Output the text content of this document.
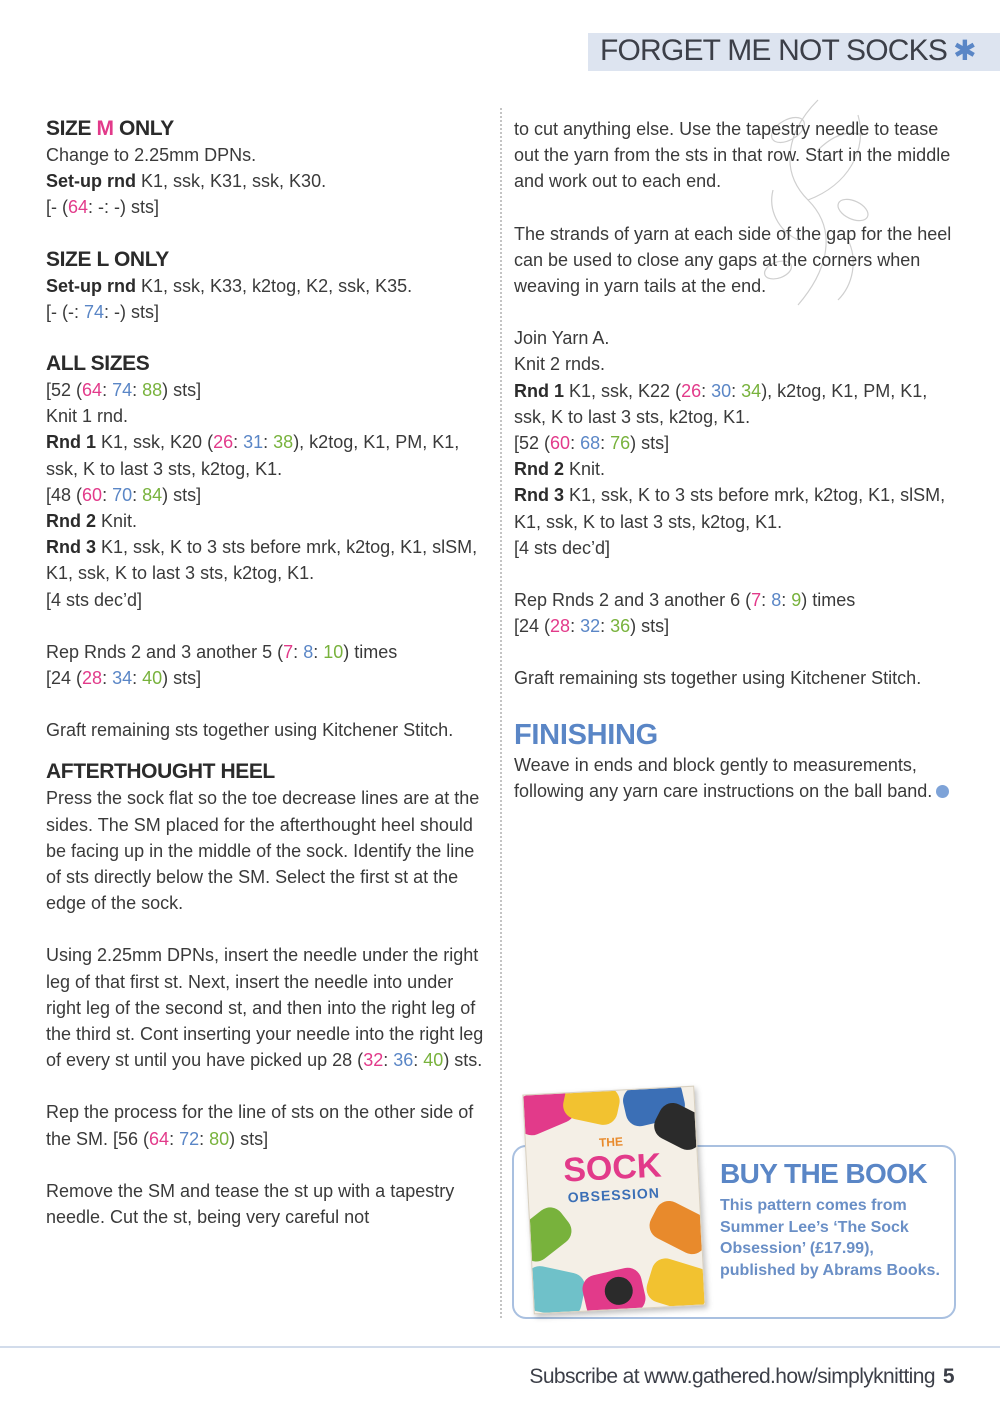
FORGET ME NOT SOCKS ✱
SIZE M ONLY
Change to 2.25mm DPNs.
Set-up rnd K1, ssk, K31, ssk, K30.
[- (64: -: -) sts]
SIZE L ONLY
Set-up rnd K1, ssk, K33, k2tog, K2, ssk, K35.
[- (-: 74: -) sts]
ALL SIZES
[52 (64: 74: 88) sts]
Knit 1 rnd.
Rnd 1 K1, ssk, K20 (26: 31: 38), k2tog, K1, PM, K1, ssk, K to last 3 sts, k2tog, K1.
[48 (60: 70: 84) sts]
Rnd 2 Knit.
Rnd 3 K1, ssk, K to 3 sts before mrk, k2tog, K1, slSM, K1, ssk, K to last 3 sts, k2tog, K1.
[4 sts dec’d]
Rep Rnds 2 and 3 another 5 (7: 8: 10) times
[24 (28: 34: 40) sts]
Graft remaining sts together using Kitchener Stitch.
AFTERTHOUGHT HEEL
Press the sock flat so the toe decrease lines are at the sides. The SM placed for the afterthought heel should be facing up in the middle of the sock. Identify the line of sts directly below the SM. Select the first st at the edge of the sock.
Using 2.25mm DPNs, insert the needle under the right leg of that first st. Next, insert the needle into under right leg of the second st, and then into the right leg of the third st. Cont inserting your needle into the right leg of every st until you have picked up 28 (32: 36: 40) sts.
Rep the process for the line of sts on the other side of the SM. [56 (64: 72: 80) sts]
Remove the SM and tease the st up with a tapestry needle. Cut the st, being very careful not
to cut anything else. Use the tapestry needle to tease out the yarn from the sts in that row. Start in the middle and work out to each end.
The strands of yarn at each side of the gap for the heel can be used to close any gaps at the corners when weaving in yarn tails at the end.
Join Yarn A.
Knit 2 rnds.
Rnd 1 K1, ssk, K22 (26: 30: 34), k2tog, K1, PM, K1, ssk, K to last 3 sts, k2tog, K1.
[52 (60: 68: 76) sts]
Rnd 2 Knit.
Rnd 3 K1, ssk, K to 3 sts before mrk, k2tog, K1, slSM, K1, ssk, K to last 3 sts, k2tog, K1.
[4 sts dec’d]
Rep Rnds 2 and 3 another 6 (7: 8: 9) times
[24 (28: 32: 36) sts]
Graft remaining sts together using Kitchener Stitch.
FINISHING
Weave in ends and block gently to measurements, following any yarn care instructions on the ball band.
THE
SOCK
OBSESSION
BUY THE BOOK
This pattern comes from Summer Lee’s ‘The Sock Obsession’ (£17.99), published by Abrams Books.
Subscribe at www.gathered.how/simplyknitting 5
